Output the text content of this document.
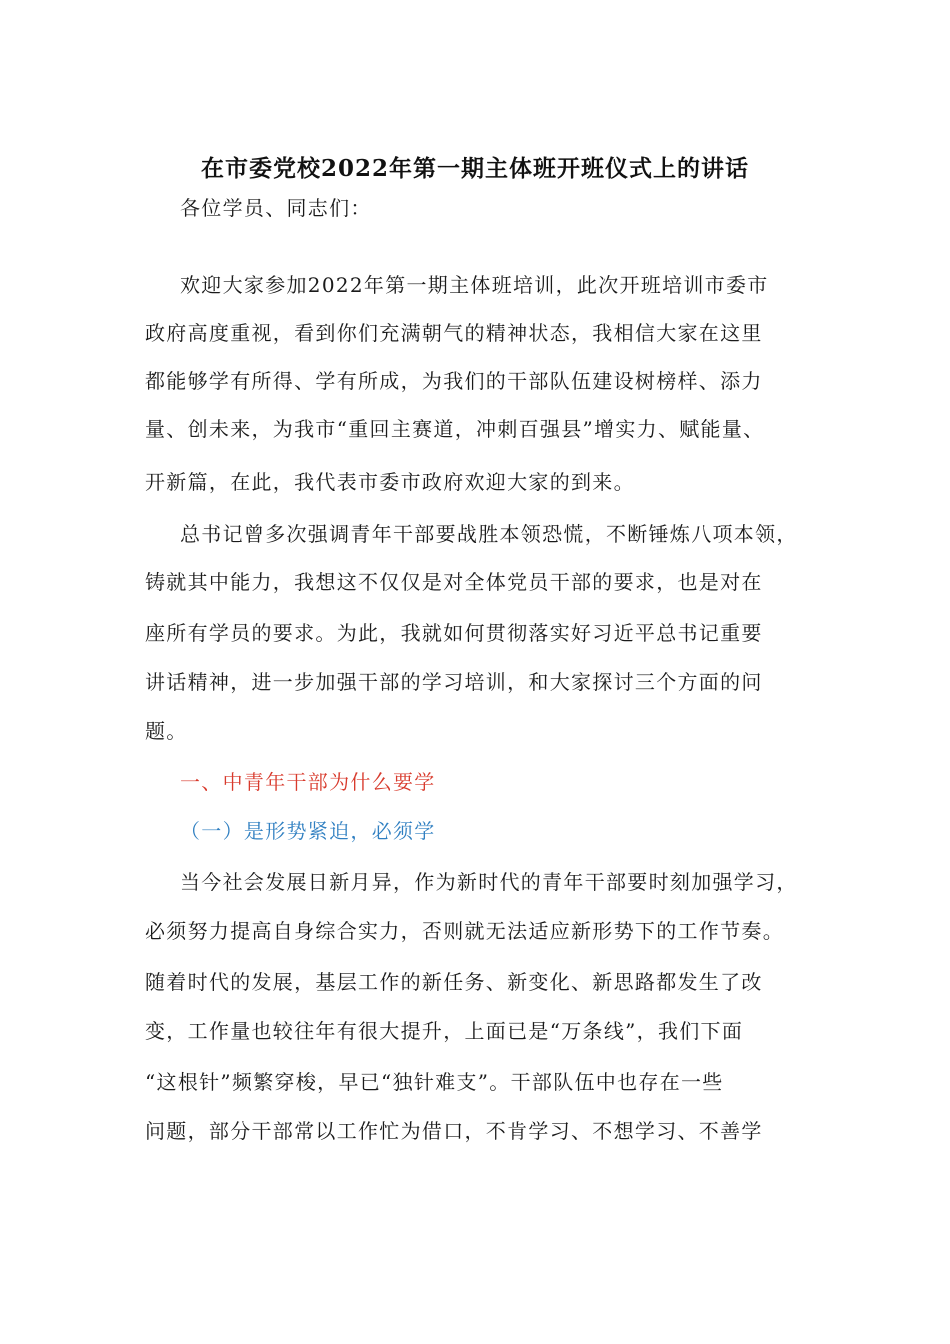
在市委党校2022年第一期主体班开班仪式上的讲话

各位学员、同志们：

欢迎大家参加2022年第一期主体班培训，此次开班培训市委市

政府高度重视，看到你们充满朝气的精神状态，我相信大家在这里

都能够学有所得、学有所成，为我们的干部队伍建设树榜样、添力

量、创未来，为我市“重回主赛道，冲刺百强县”增实力、赋能量、

开新篇，在此，我代表市委市政府欢迎大家的到来。

总书记曾多次强调青年干部要战胜本领恐慌，不断锤炼八项本领，

铸就其中能力，我想这不仅仅是对全体党员干部的要求，也是对在

座所有学员的要求。为此，我就如何贯彻落实好习近平总书记重要

讲话精神，进一步加强干部的学习培训，和大家探讨三个方面的问

题。

一、中青年干部为什么要学

（一）是形势紧迫，必须学

当今社会发展日新月异，作为新时代的青年干部要时刻加强学习，

必须努力提高自身综合实力，否则就无法适应新形势下的工作节奏。

随着时代的发展，基层工作的新任务、新变化、新思路都发生了改

变，工作量也较往年有很大提升，上面已是“万条线”，我们下面

“这根针”频繁穿梭，早已“独针难支”。干部队伍中也存在一些

问题，部分干部常以工作忙为借口，不肯学习、不想学习、不善学
